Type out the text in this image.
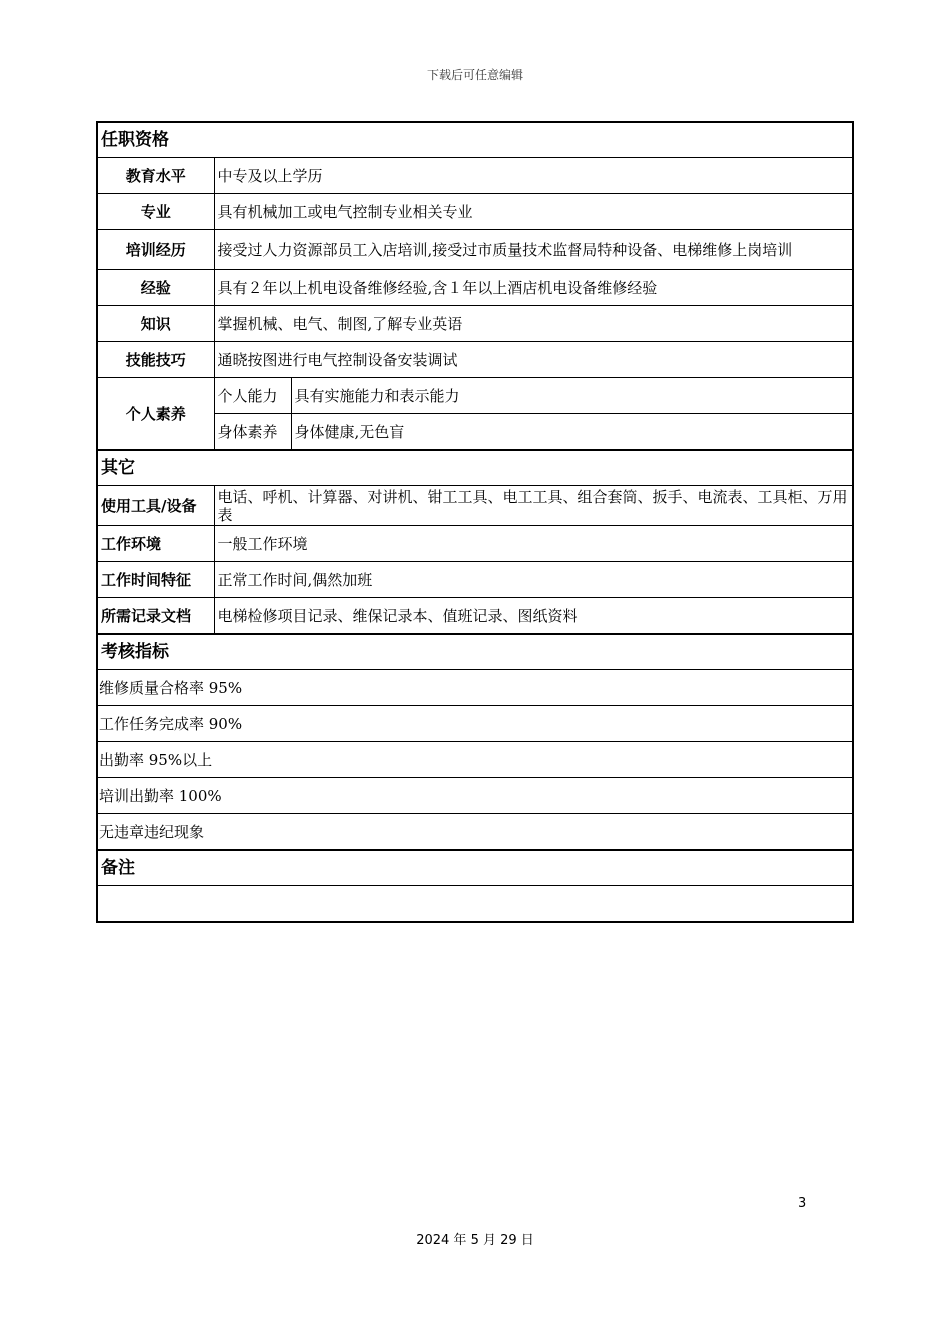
下载后可任意编辑
任职资格		
教育水平	中专及以上学历	
专业	具有机械加工或电气控制专业相关专业	
培训经历	接受过人力资源部员工入店培训,接受过市质量技术监督局特种设备、电梯维修上岗培训	
经验	具有２年以上机电设备维修经验,含１年以上酒店机电设备维修经验	
知识	掌握机械、电气、制图,了解专业英语	
技能技巧	通晓按图进行电气控制设备安装调试	
个人素养	个人能力	具有实施能力和表示能力
	身体素养	身体健康,无色盲
其它		
使用工具/设备	电话、呼机、计算器、对讲机、钳工工具、电工工具、组合套筒、扳手、电流表、工具柜、万用表	
工作环境	一般工作环境	
工作时间特征	正常工作时间,偶然加班	
所需记录文档	电梯检修项目记录、维保记录本、值班记录、图纸资料	
考核指标		
维修质量合格率 95%		
工作任务完成率 90%		
出勤率 95%以上		
培训出勤率 100%		
无违章违纪现象		
备注		

3
2024 年 5 月 29 日
